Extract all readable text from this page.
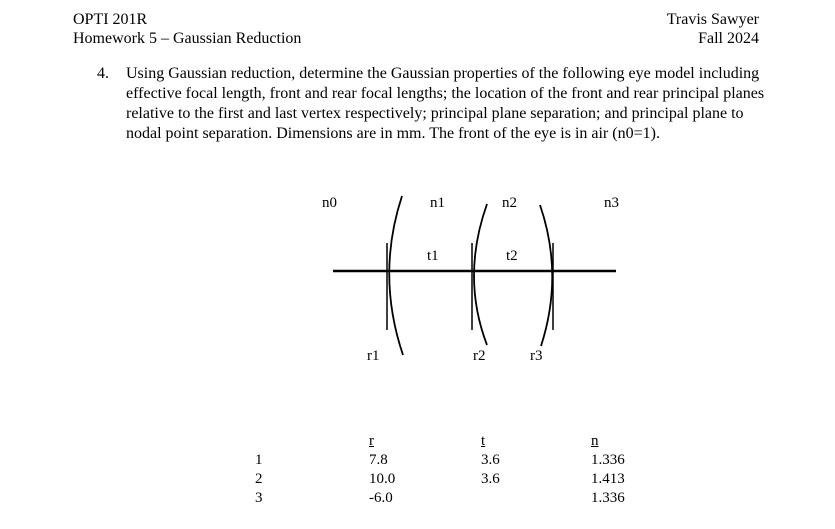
OPTI 201R
Homework 5 – Gaussian Reduction
Travis Sawyer
Fall 2024
4. Using Gaussian reduction, determine the Gaussian properties of the following eye model including effective focal length, front and rear focal lengths; the location of the front and rear principal planes relative to the first and last vertex respectively; principal plane separation; and principal plane to nodal point separation. Dimensions are in mm. The front of the eye is in air (n0=1).
n0	n1	n2	n3
t1	t2
r1	r2	r3
	r	t	n
1	7.8	3.6	1.336
2	10.0	3.6	1.413
3	-6.0		1.336
